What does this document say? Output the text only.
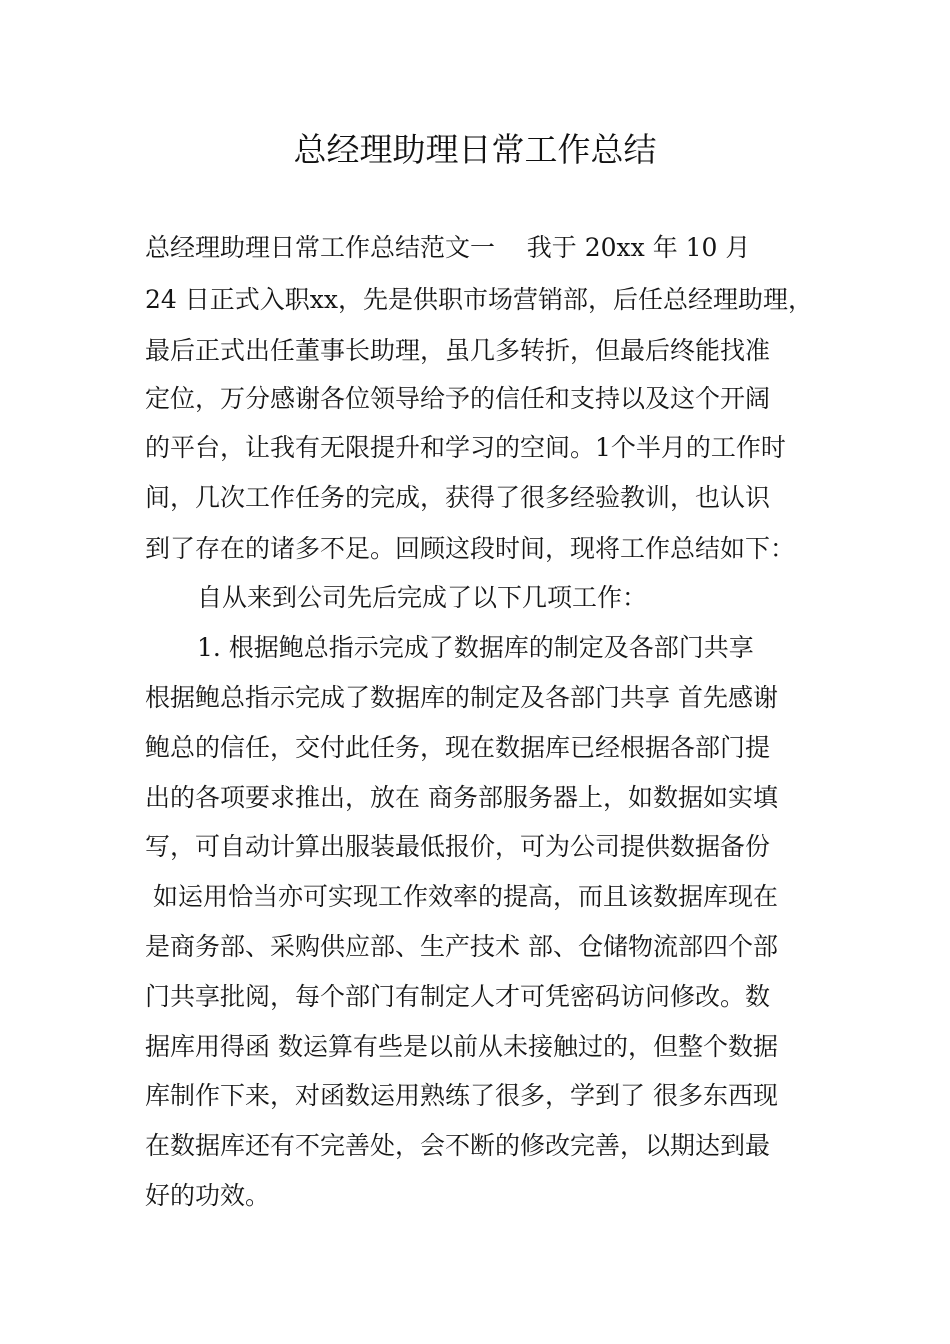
总经理助理日常工作总结

总经理助理日常工作总结范文一    我于 20xx 年 10 月

24 日正式入职xx，先是供职市场营销部，后任总经理助理，

最后正式出任董事长助理，虽几多转折，但最后终能找准

定位，万分感谢各位领导给予的信任和支持以及这个开阔

的平台，让我有无限提升和学习的空间。1个半月的工作时

间，几次工作任务的完成，获得了很多经验教训，也认识

到了存在的诸多不足。回顾这段时间，现将工作总结如下：

自从来到公司先后完成了以下几项工作：

1. 根据鲍总指示完成了数据库的制定及各部门共享

根据鲍总指示完成了数据库的制定及各部门共享 首先感谢

鲍总的信任，交付此任务，现在数据库已经根据各部门提

出的各项要求推出，放在 商务部服务器上，如数据如实填

写，可自动计算出服装最低报价，可为公司提供数据备份

如运用恰当亦可实现工作效率的提高，而且该数据库现在

是商务部、采购供应部、生产技术 部、仓储物流部四个部

门共享批阅，每个部门有制定人才可凭密码访问修改。数

据库用得函 数运算有些是以前从未接触过的，但整个数据

库制作下来，对函数运用熟练了很多，学到了 很多东西现

在数据库还有不完善处，会不断的修改完善，以期达到最

好的功效。
